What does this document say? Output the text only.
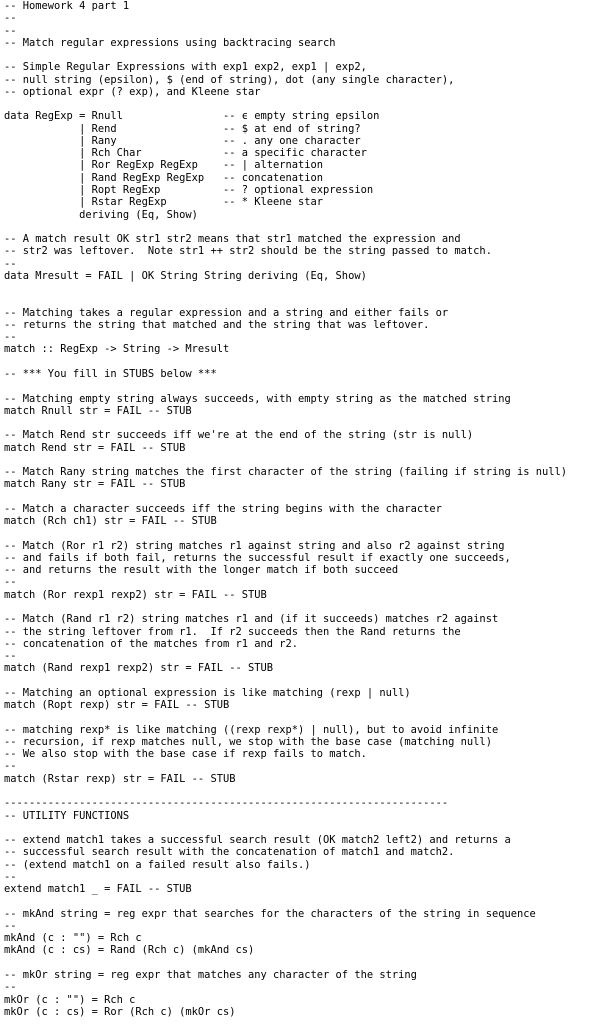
-- Homework 4 part 1
--
--
-- Match regular expressions using backtracing search
-- Simple Regular Expressions with exp1 exp2, exp1 | exp2,
-- null string (epsilon), $ (end of string), dot (any single character),
-- optional expr (? exp), and Kleene star
data RegExp = Rnull                -- ϵ empty string epsilon
| Rend                 -- $ at end of string?
| Rany                 -- . any one character
| Rch Char             -- a specific character
| Ror RegExp RegExp    -- | alternation
| Rand RegExp RegExp   -- concatenation
| Ropt RegExp          -- ? optional expression
| Rstar RegExp         -- * Kleene star
deriving (Eq, Show)
-- A match result OK str1 str2 means that str1 matched the expression and
-- str2 was leftover.  Note str1 ++ str2 should be the string passed to match.
--
data Mresult = FAIL | OK String String deriving (Eq, Show)
-- Matching takes a regular expression and a string and either fails or
-- returns the string that matched and the string that was leftover.
--
match :: RegExp -> String -> Mresult
-- *** You fill in STUBS below ***
-- Matching empty string always succeeds, with empty string as the matched string
match Rnull str = FAIL -- STUB
-- Match Rend str succeeds iff we're at the end of the string (str is null)
match Rend str = FAIL -- STUB
-- Match Rany string matches the first character of the string (failing if string is null)
match Rany str = FAIL -- STUB
-- Match a character succeeds iff the string begins with the character
match (Rch ch1) str = FAIL -- STUB
-- Match (Ror r1 r2) string matches r1 against string and also r2 against string
-- and fails if both fail, returns the successful result if exactly one succeeds,
-- and returns the result with the longer match if both succeed
--
match (Ror rexp1 rexp2) str = FAIL -- STUB
-- Match (Rand r1 r2) string matches r1 and (if it succeeds) matches r2 against
-- the string leftover from r1.  If r2 succeeds then the Rand returns the
-- concatenation of the matches from r1 and r2.
--
match (Rand rexp1 rexp2) str = FAIL -- STUB
-- Matching an optional expression is like matching (rexp | null)
match (Ropt rexp) str = FAIL -- STUB
-- matching rexp* is like matching ((rexp rexp*) | null), but to avoid infinite
-- recursion, if rexp matches null, we stop with the base case (matching null)
-- We also stop with the base case if rexp fails to match.
--
match (Rstar rexp) str = FAIL -- STUB
-----------------------------------------------------------------------
-- UTILITY FUNCTIONS
-- extend match1 takes a successful search result (OK match2 left2) and returns a
-- successful search result with the concatenation of match1 and match2.
-- (extend match1 on a failed result also fails.)
--
extend match1 _ = FAIL -- STUB
-- mkAnd string = reg expr that searches for the characters of the string in sequence
--
mkAnd (c : "") = Rch c
mkAnd (c : cs) = Rand (Rch c) (mkAnd cs)
-- mkOr string = reg expr that matches any character of the string
--
mkOr (c : "") = Rch c
mkOr (c : cs) = Ror (Rch c) (mkOr cs)
